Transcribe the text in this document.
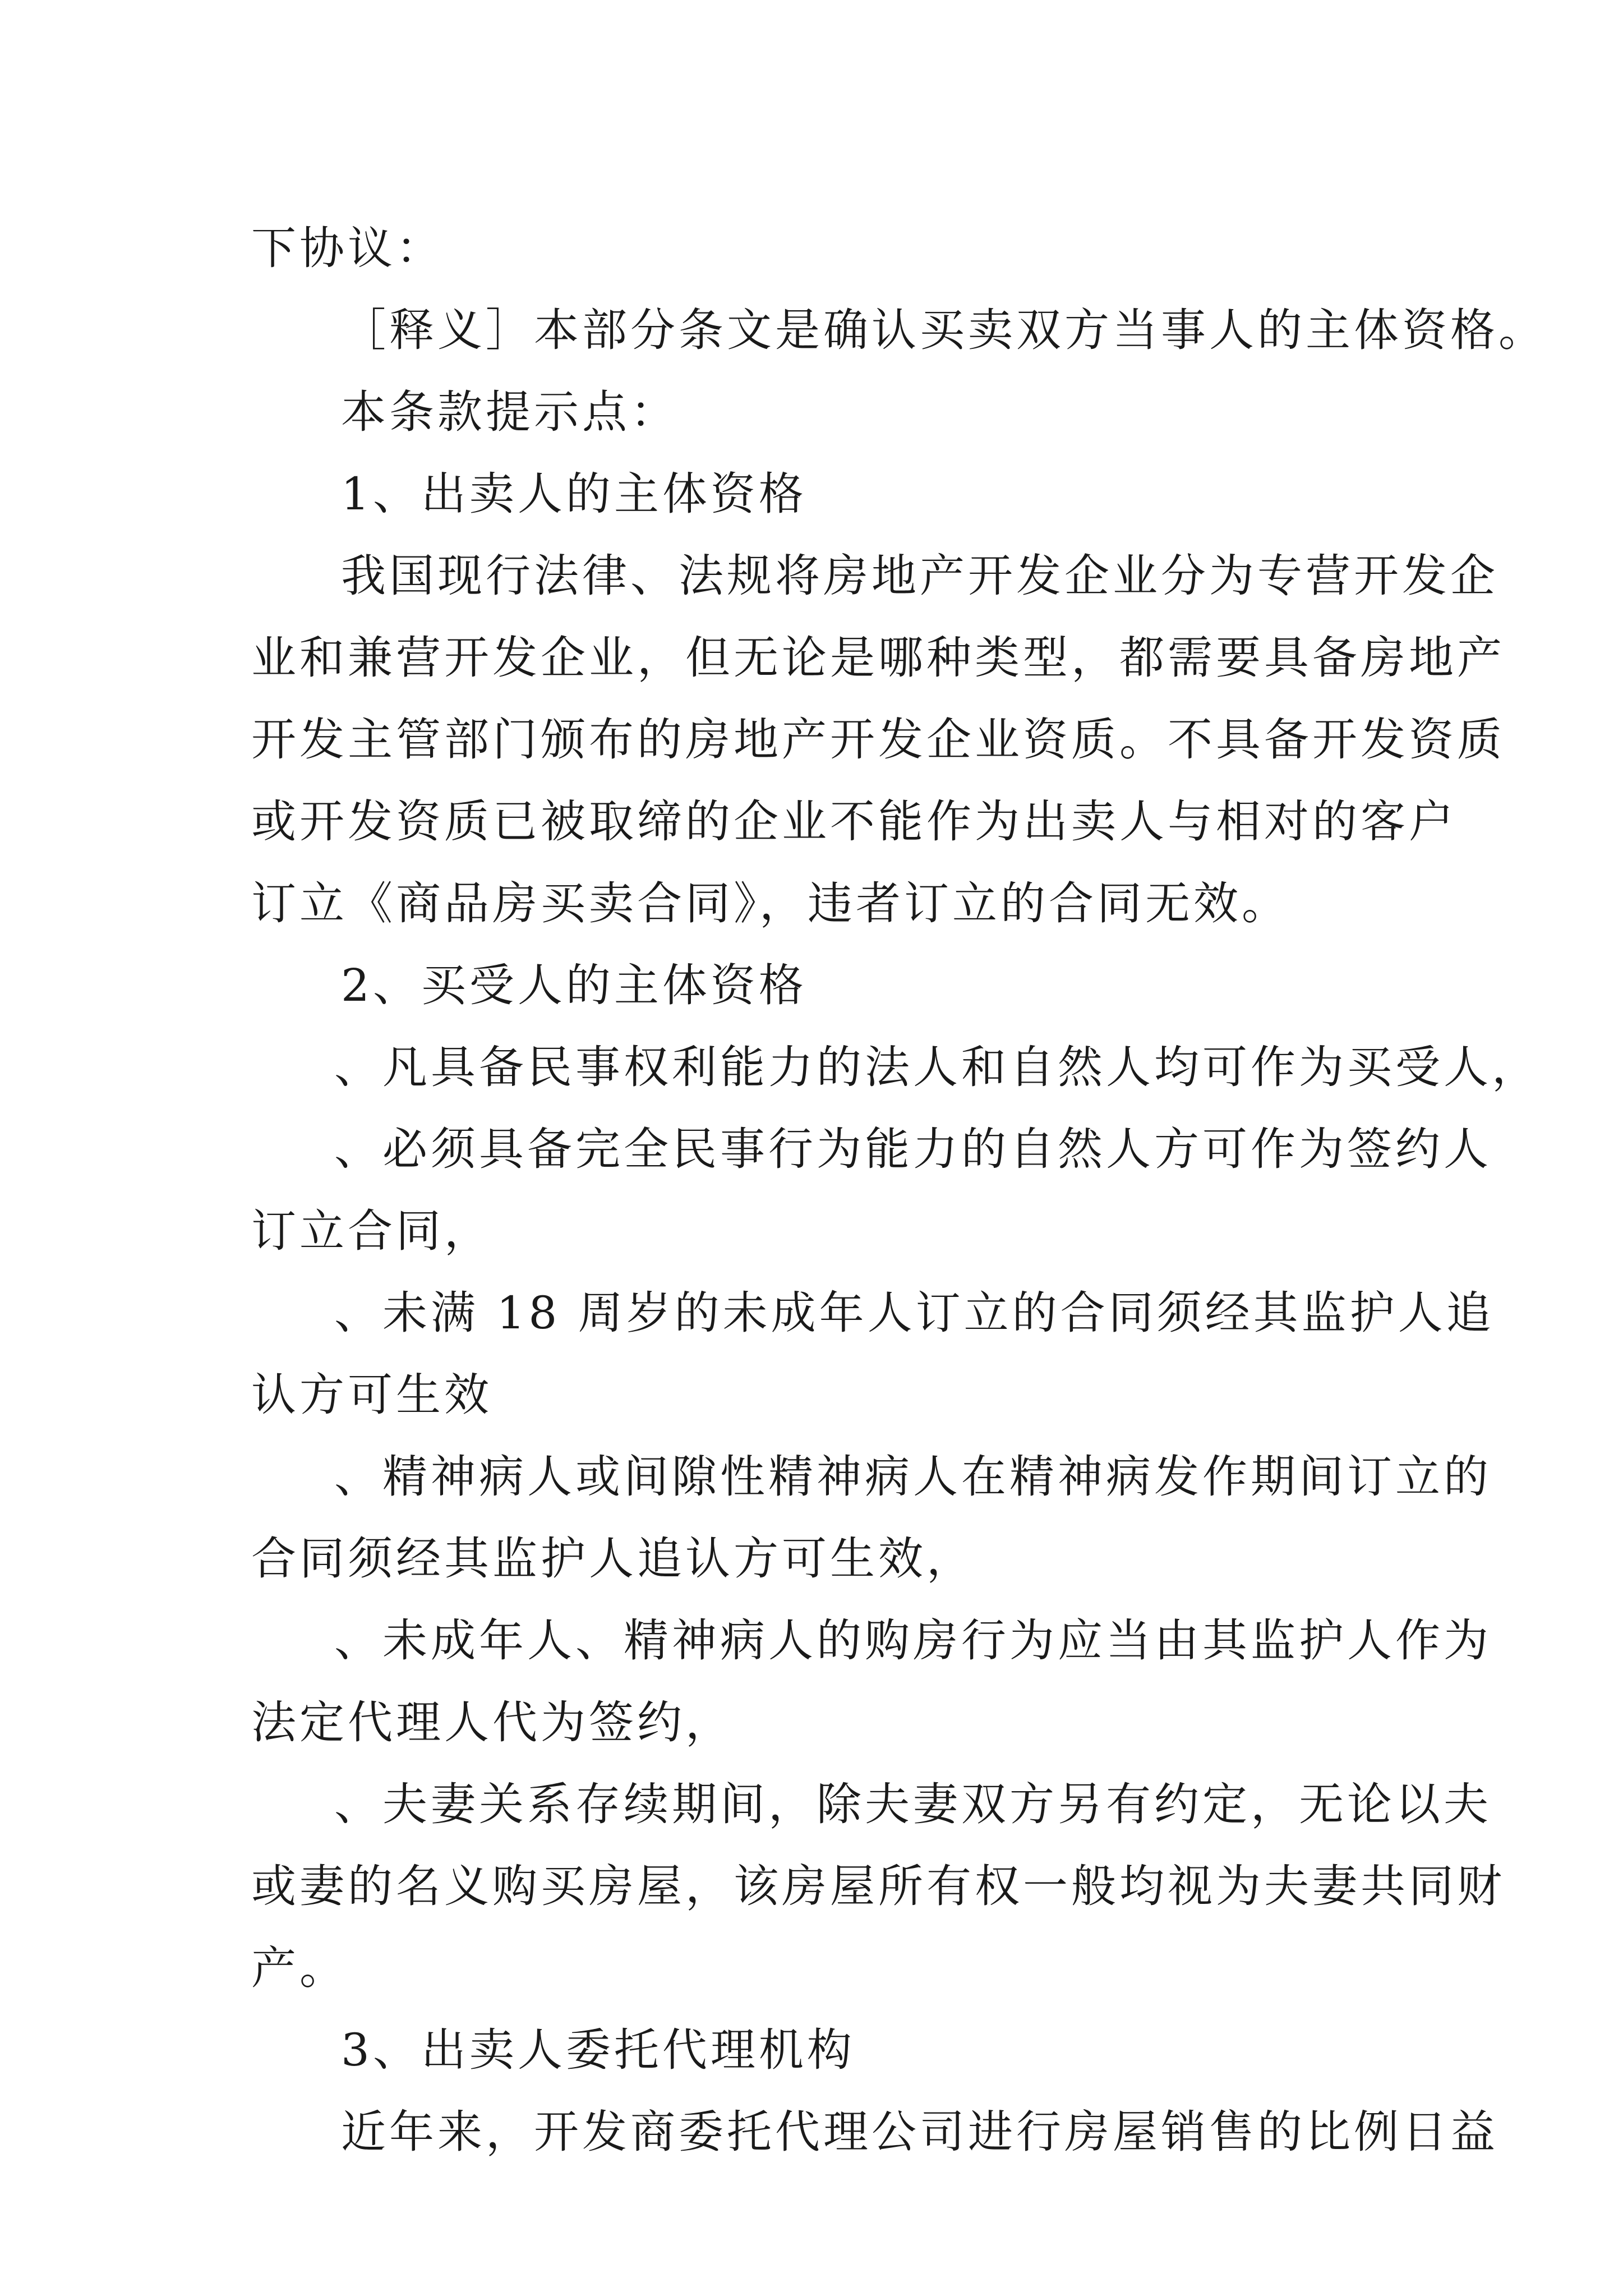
下协议：
［释义］本部分条文是确认买卖双方当事人的主体资格。
本条款提示点：
1、出卖人的主体资格
我国现行法律、法规将房地产开发企业分为专营开发企
业和兼营开发企业，但无论是哪种类型，都需要具备房地产
开发主管部门颁布的房地产开发企业资质。不具备开发资质
或开发资质已被取缔的企业不能作为出卖人与相对的客户
订立《商品房买卖合同》，违者订立的合同无效。
2、买受人的主体资格
、凡具备民事权利能力的法人和自然人均可作为买受人，
、必须具备完全民事行为能力的自然人方可作为签约人
订立合同，
、未满 18 周岁的未成年人订立的合同须经其监护人追
认方可生效
、精神病人或间隙性精神病人在精神病发作期间订立的
合同须经其监护人追认方可生效，
、未成年人、精神病人的购房行为应当由其监护人作为
法定代理人代为签约，
、夫妻关系存续期间，除夫妻双方另有约定，无论以夫
或妻的名义购买房屋，该房屋所有权一般均视为夫妻共同财
产。
3、出卖人委托代理机构
近年来，开发商委托代理公司进行房屋销售的比例日益
